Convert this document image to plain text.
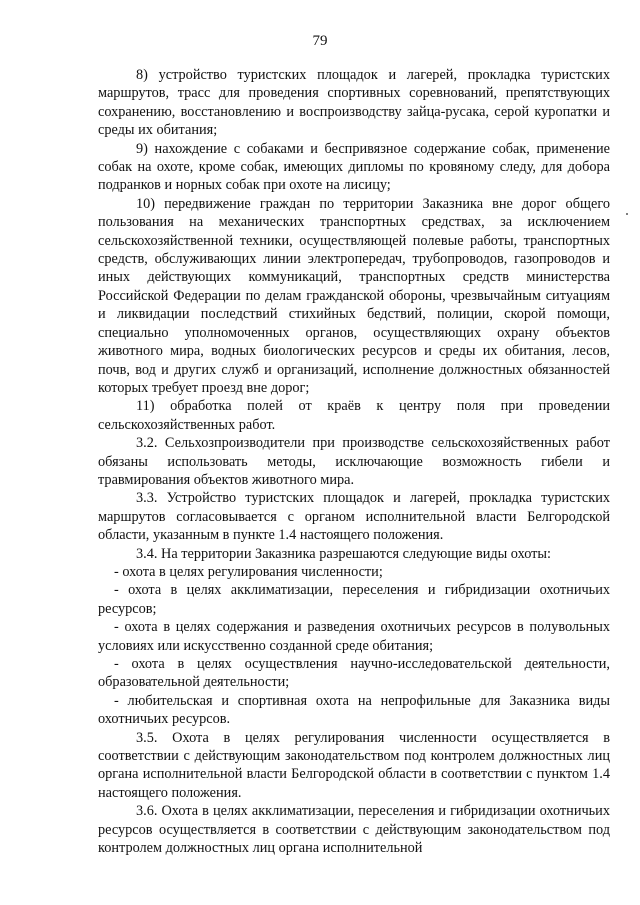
79

8) устройство туристских площадок и лагерей, прокладка туристских маршрутов, трасс для проведения спортивных соревнований, препятствующих сохранению, восстановлению и воспроизводству зайца-русака, серой куропатки и среды их обитания;

9) нахождение с собаками и беспривязное содержание собак, применение собак на охоте, кроме собак, имеющих дипломы по кровяному следу, для добора подранков и норных собак при охоте на лисицу;

10) передвижение граждан по территории Заказника вне дорог общего пользования на механических транспортных средствах, за исключением сельскохозяйственной техники, осуществляющей полевые работы, транспортных средств, обслуживающих линии электропередач, трубопроводов, газопроводов и иных действующих коммуникаций, транспортных средств министерства Российской Федерации по делам гражданской обороны, чрезвычайным ситуациям и ликвидации последствий стихийных бедствий, полиции, скорой помощи, специально уполномоченных органов, осуществляющих охрану объектов животного мира, водных биологических ресурсов и среды их обитания, лесов, почв, вод и других служб и организаций, исполнение должностных обязанностей которых требует проезд вне дорог;

11) обработка полей от краёв к центру поля при проведении сельскохозяйственных работ.

3.2. Сельхозпроизводители при производстве сельскохозяйственных работ обязаны использовать методы, исключающие возможность гибели и травмирования объектов животного мира.

3.3. Устройство туристских площадок и лагерей, прокладка туристских маршрутов согласовывается с органом исполнительной власти Белгородской области, указанным в пункте 1.4 настоящего положения.

3.4. На территории Заказника разрешаются следующие виды охоты:

- охота в целях регулирования численности;

- охота в целях акклиматизации, переселения и гибридизации охотничьих ресурсов;

- охота в целях содержания и разведения охотничьих ресурсов в полувольных условиях или искусственно созданной среде обитания;

- охота в целях осуществления научно-исследовательской деятельности, образовательной деятельности;

- любительская и спортивная охота на непрофильные для Заказника виды охотничьих ресурсов.

3.5. Охота в целях регулирования численности осуществляется в соответствии с действующим законодательством под контролем должностных лиц органа исполнительной власти Белгородской области в соответствии с пунктом 1.4 настоящего положения.

3.6. Охота в целях акклиматизации, переселения и гибридизации охотничьих ресурсов осуществляется в соответствии с действующим законодательством под контролем должностных лиц органа исполнительной
